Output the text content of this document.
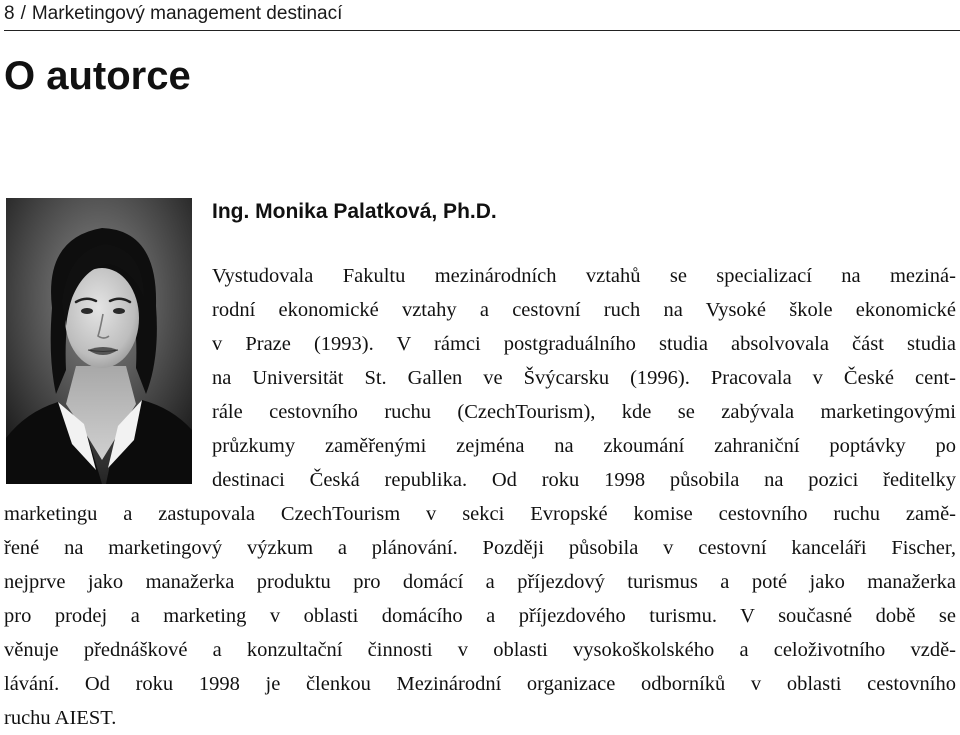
8 / Marketingový management destinací
O autorce
Ing. Monika Palatková, Ph.D.
Vystudovala Fakultu mezinárodních vztahů se specializací na meziná-
rodní ekonomické vztahy a cestovní ruch na Vysoké škole ekonomické
v Praze (1993). V rámci postgraduálního studia absolvovala část studia
na Universität St. Gallen ve Švýcarsku (1996). Pracovala v České cent-
rále cestovního ruchu (CzechTourism), kde se zabývala marketingovými
průzkumy zaměřenými zejména na zkoumání zahraniční poptávky po
destinaci Česká republika. Od roku 1998 působila na pozici ředitelky
marketingu a zastupovala CzechTourism v sekci Evropské komise cestovního ruchu zamě-
řené na marketingový výzkum a plánování. Později působila v cestovní kanceláři Fischer,
nejprve jako manažerka produktu pro domácí a příjezdový turismus a poté jako manažerka
pro prodej a marketing v oblasti domácího a příjezdového turismu. V současné době se
věnuje přednáškové a konzultační činnosti v oblasti vysokoškolského a celoživotního vzdě-
lávání. Od roku 1998 je členkou Mezinárodní organizace odborníků v oblasti cestovního
ruchu AIEST.
